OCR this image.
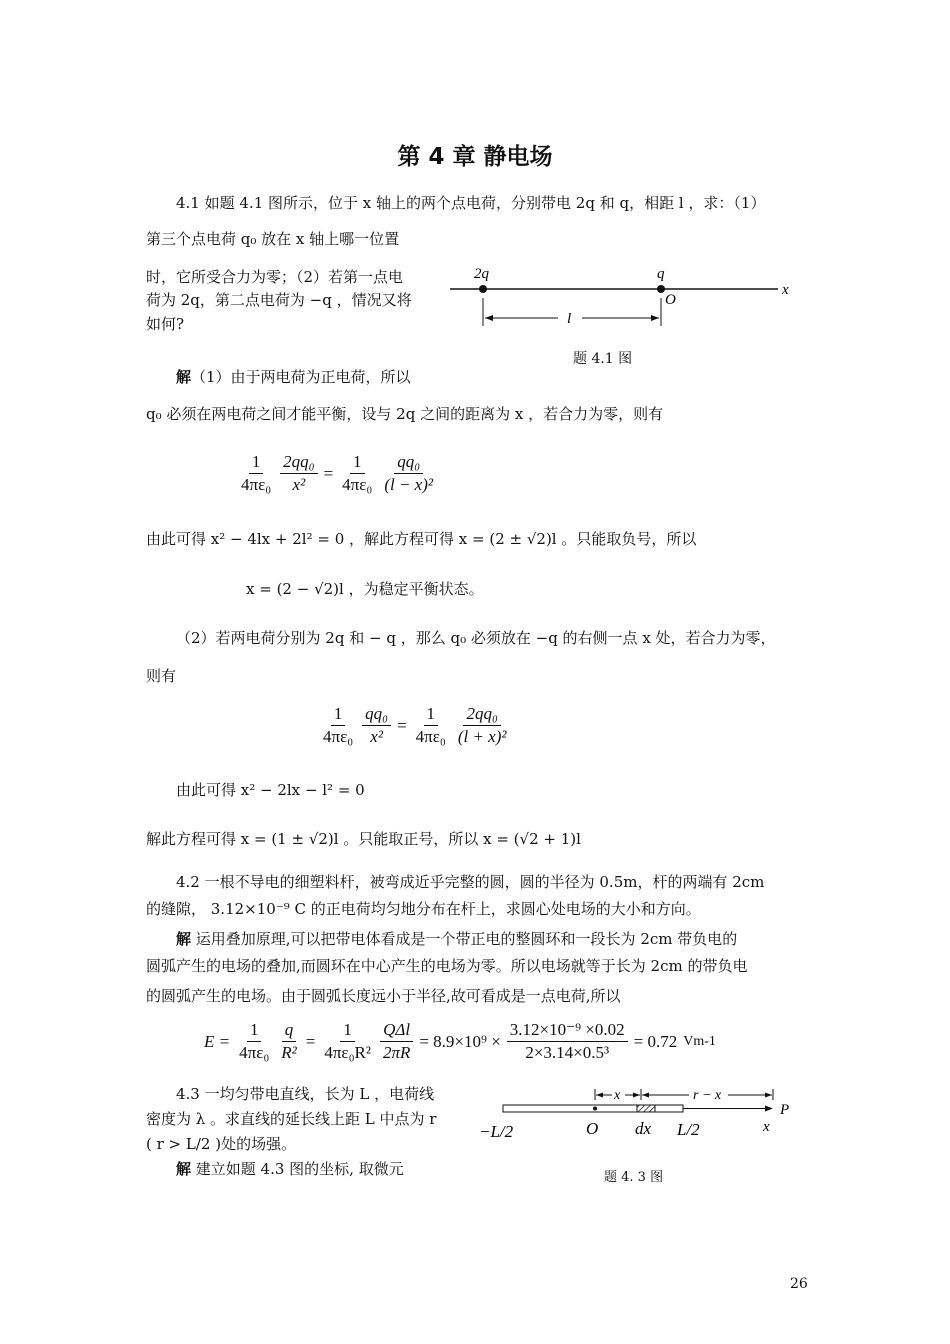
第 4 章 静电场
4.1 如题 4.1 图所示，位于 x 轴上的两个点电荷，分别带电 2q 和 q，相距 l ，求：（1）
第三个点电荷 q₀ 放在 x 轴上哪一位置
时，它所受合力为零；（2）若第一点电
荷为 2q，第二点电荷为 −q ，情况又将
如何?
2q	q
O
x
l
题 4.1 图
解（1）由于两电荷为正电荷，所以
q₀ 必须在两电荷之间才能平衡，设与 2q 之间的距离为 x ，若合力为零，则有
$\frac{1}{\text{4πε₀}} \frac{\text{2qq₀}}{\text{x²}} = \frac{1}{\text{4πε₀}} \frac{\text{qq₀}}{\text{(l − x)²}}$
由此可得 x² − 4lx + 2l² = 0 ，解此方程可得 x = (2 ± √2)l 。只能取负号，所以
x = (2 − √2)l ，为稳定平衡状态。
（2）若两电荷分别为 2q 和 − q ，那么 q₀ 必须放在 −q 的右侧一点 x 处，若合力为零，
则有
$\frac{1}{\text{4πε₀}} \frac{\text{qq₀}}{\text{x²}} = \frac{1}{\text{4πε₀}} \frac{\text{2qq₀}}{\text{(l + x)²}}$
由此可得 x² − 2lx − l² = 0
解此方程可得 x = (1 ± √2)l 。只能取正号，所以 x = (√2 + 1)l
4.2 一根不导电的细塑料杆，被弯成近乎完整的圆，圆的半径为 0.5m，杆的两端有 2cm
的缝隙， 3.12×10⁻⁹ C 的正电荷均匀地分布在杆上，求圆心处电场的大小和方向。
解 运用叠加原理,可以把带电体看成是一个带正电的整圆环和一段长为 2cm 带负电的
圆弧产生的电场的叠加,而圆环在中心产生的电场为零。所以电场就等于长为 2cm 的带负电
的圆弧产生的电场。由于圆弧长度远小于半径,故可看成是一点电荷,所以
$E = \frac{1}{\text{4πε₀}} \frac{q}{\text{R²}} = \frac{1}{\text{4πε₀R²}} \frac{\text{QΔl}}{2\pi R} = 8.9\times 10^9 \times \frac{\text{3.12×10⁻⁹ ×0.02}}{\text{2×3.14×0.5³}} = 0.72$ Vm-1
4.3 一均匀带电直线，长为 L ，电荷线
密度为 λ 。求直线的延长线上距 L 中点为 r
( r > L/2 )处的场强。
解 建立如题 4.3 图的坐标, 取微元
x	r − x
P
−L/2	O dx L/2	x
题 4. 3 图
26
